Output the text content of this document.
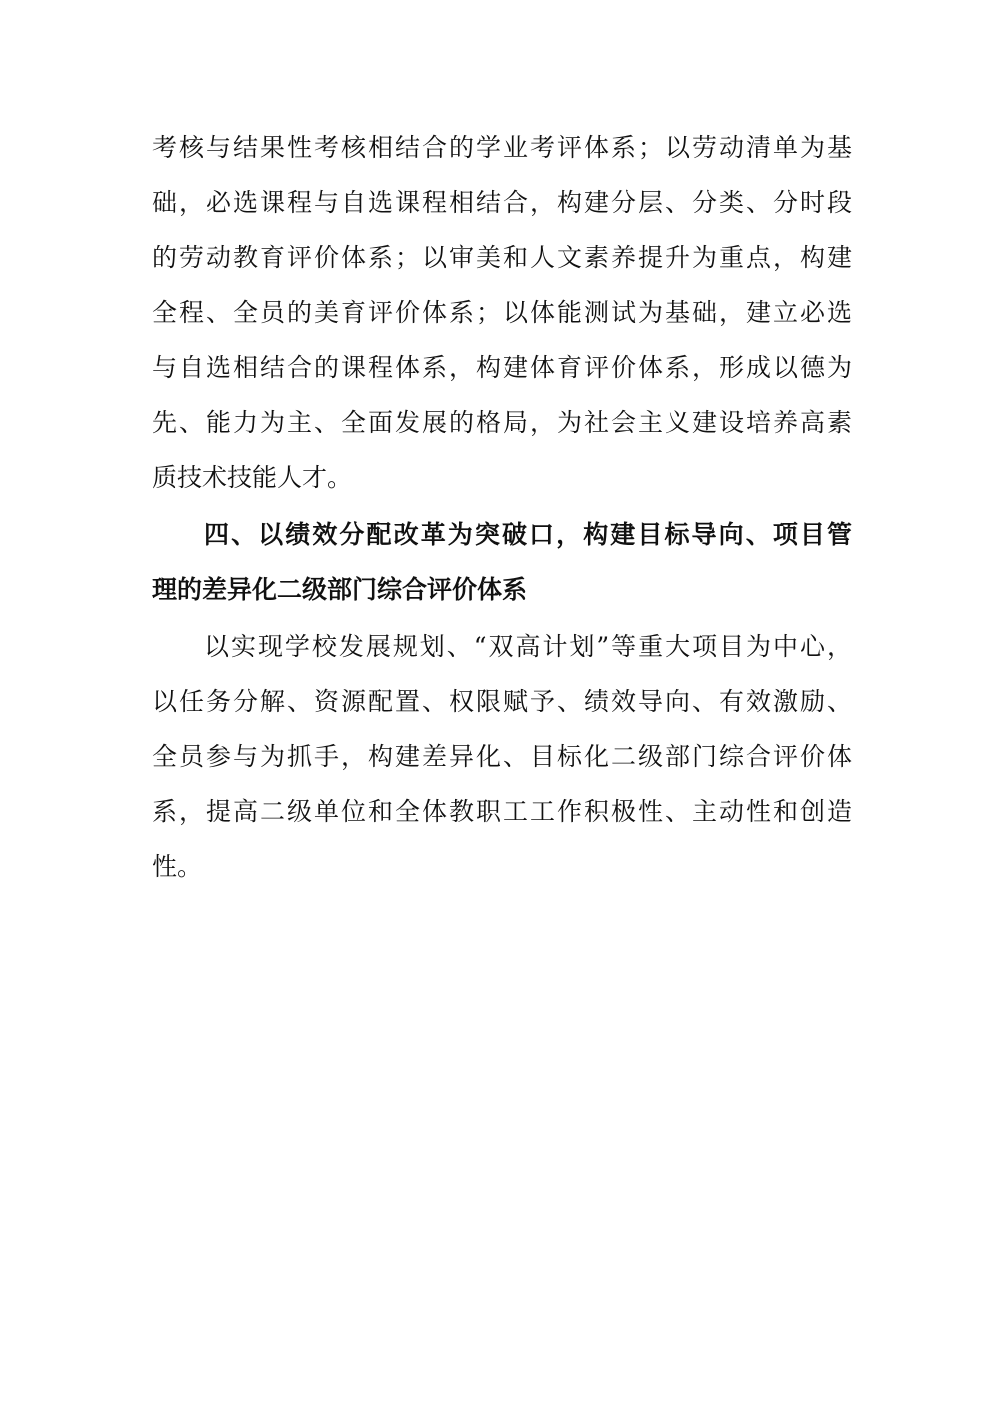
考核与结果性考核相结合的学业考评体系；以劳动清单为基
础，必选课程与自选课程相结合，构建分层、分类、分时段
的劳动教育评价体系；以审美和人文素养提升为重点，构建
全程、全员的美育评价体系；以体能测试为基础，建立必选
与自选相结合的课程体系，构建体育评价体系，形成以德为
先、能力为主、全面发展的格局，为社会主义建设培养高素
质技术技能人才。
四、以绩效分配改革为突破口，构建目标导向、项目管
理的差异化二级部门综合评价体系
以实现学校发展规划、“双高计划”等重大项目为中心，
以任务分解、资源配置、权限赋予、绩效导向、有效激励、
全员参与为抓手，构建差异化、目标化二级部门综合评价体
系，提高二级单位和全体教职工工作积极性、主动性和创造
性。
